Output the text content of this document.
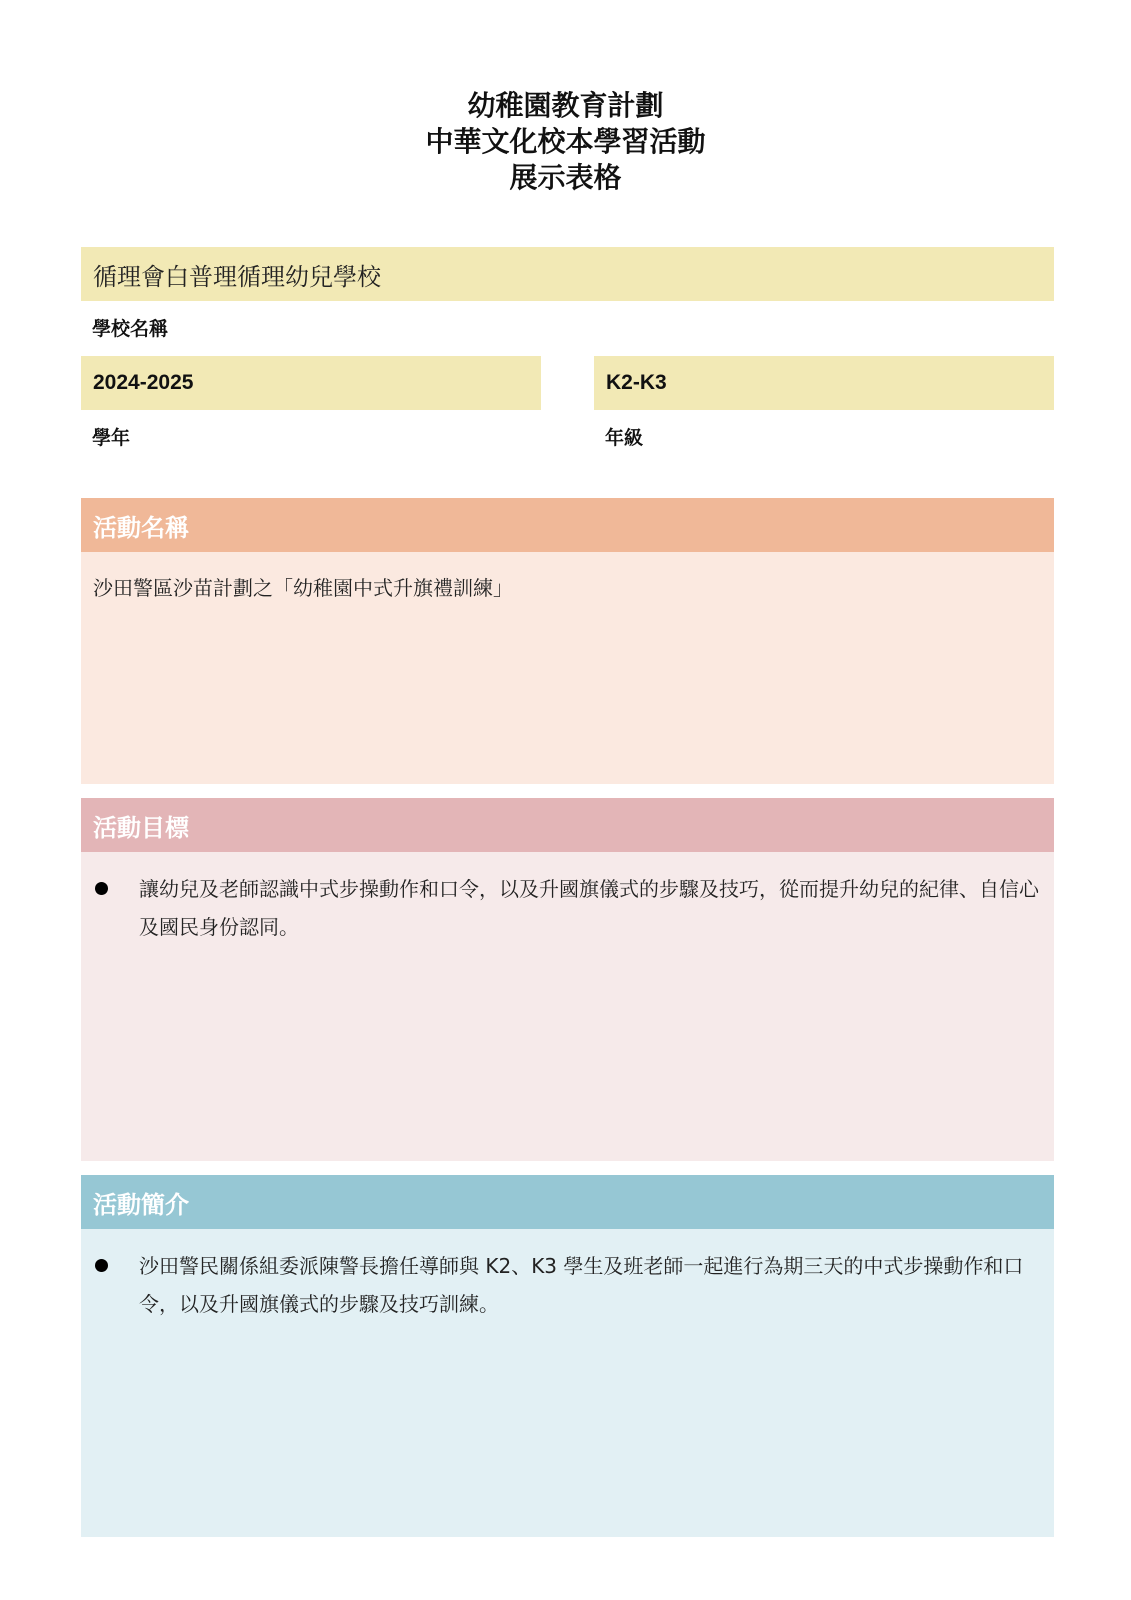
幼稚園教育計劃
中華文化校本學習活動
展示表格
循理會白普理循理幼兒學校
學校名稱
2024-2025
學年
K2-K3
年級
活動名稱
沙田警區沙苗計劃之「幼稚園中式升旗禮訓練」
活動目標
讓幼兒及老師認識中式步操動作和口令，以及升國旗儀式的步驟及技巧，從而提升幼兒的紀律、自信心及國民身份認同。
活動簡介
沙田警民關係組委派陳警長擔任導師與 K2、K3 學生及班老師一起進行為期三天的中式步操動作和口令，以及升國旗儀式的步驟及技巧訓練。
